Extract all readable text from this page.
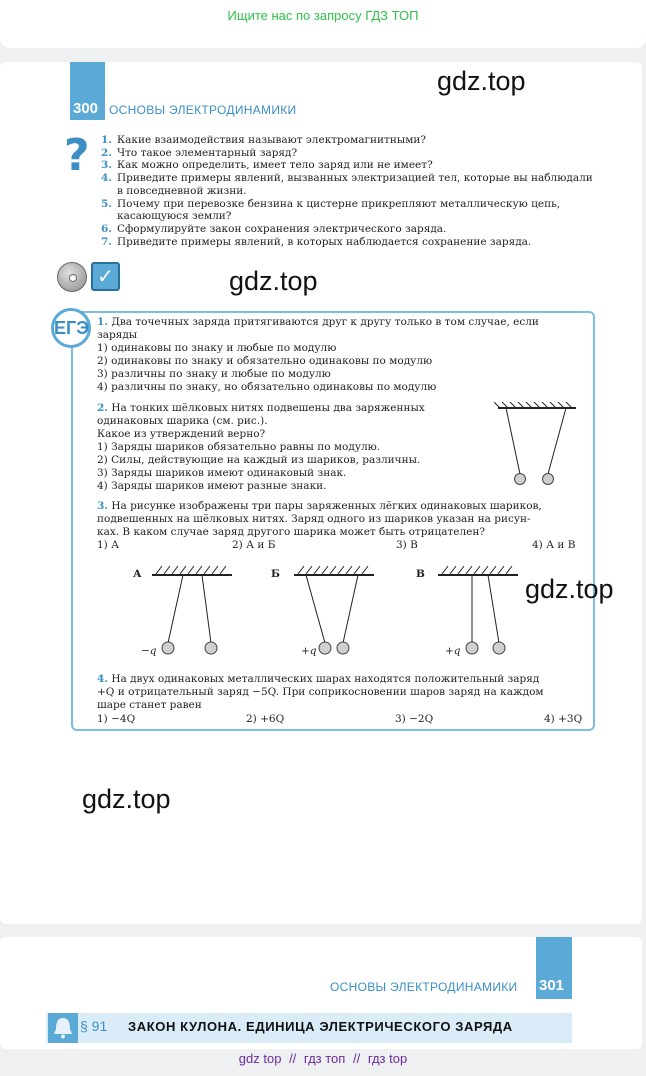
Ищите нас по запросу ГДЗ ТОП
300 ОСНОВЫ ЭЛЕКТРОДИНАМИКИ
gdz.top
? 1. Какие взаимодействия называют электромагнитными?
2. Что такое элементарный заряд?
3. Как можно определить, имеет тело заряд или не имеет?
4. Приведите примеры явлений, вызванных электризацией тел, которые вы наблюдали в повседневной жизни.
5. Почему при перевозке бензина к цистерне прикрепляют металлическую цепь, касающуюся земли?
6. Сформулируйте закон сохранения электрического заряда.
7. Приведите примеры явлений, в которых наблюдается сохранение заряда.
✓	gdz.top
ЕГЭ 1. Два точечных заряда притягиваются друг к другу только в том случае, если
заряды
1) одинаковы по знаку и любые по модулю
2) одинаковы по знаку и обязательно одинаковы по модулю
3) различны по знаку и любые по модулю
4) различны по знаку, но обязательно одинаковы по модулю
2. На тонких шёлковых нитях подвешены два заряженных
одинаковых шарика (см. рис.).
Какое из утверждений верно?
1) Заряды шариков обязательно равны по модулю.
2) Силы, действующие на каждый из шариков, различны.
3) Заряды шариков имеют одинаковый знак.
4) Заряды шариков имеют разные знаки.
3. На рисунке изображены три пары заряженных лёгких одинаковых шариков,
подвешенных на шёлковых нитях. Заряд одного из шариков указан на рисун-
ках. В каком случае заряд другого шарика может быть отрицателен?
1) А	2) А и Б	3) В	4) А и В
А	Б	В
−q	+q	+q
gdz.top
4. На двух одинаковых металлических шарах находятся положительный заряд
+Q и отрицательный заряд −5Q. При соприкосновении шаров заряд на каждом
шаре станет равен
1) −4Q	2) +6Q	3) −2Q	4) +3Q
gdz.top
ОСНОВЫ ЭЛЕКТРОДИНАМИКИ 301
§ 91	ЗАКОН КУЛОНА. ЕДИНИЦА ЭЛЕКТРИЧЕСКОГО ЗАРЯДА
gdz top // гдз топ // гдз top
